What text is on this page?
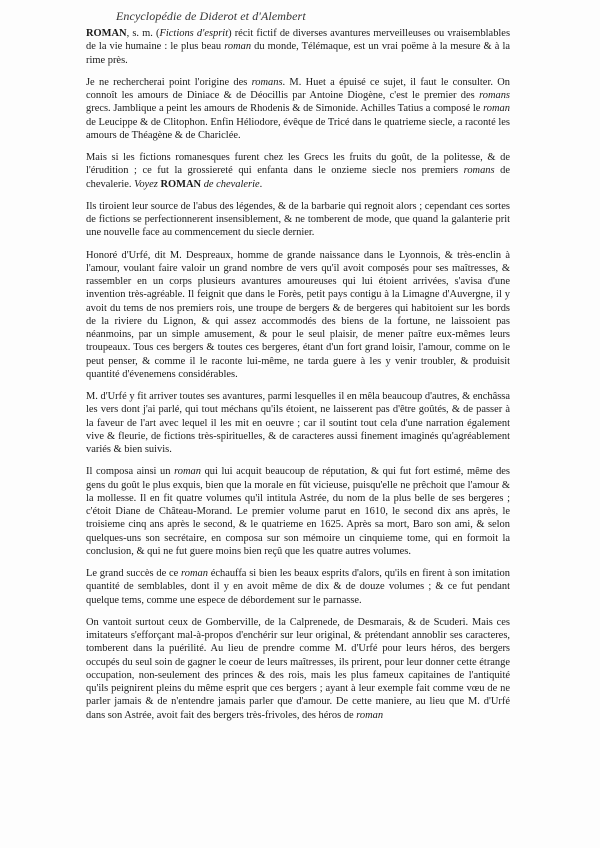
Encyclopédie de Diderot et d'Alembert

ROMAN, s. m. (Fictions d'esprit) récit fictif de diverses avantures merveilleuses ou vraisemblables de la vie humaine : le plus beau roman du monde, Télémaque, est un vrai poëme à la mesure & à la rime près.

Je ne rechercherai point l'origine des romans. M. Huet a épuisé ce sujet, il faut le consulter. On connoît les amours de Diniace & de Déocillis par Antoine Diogène, c'est le premier des romans grecs. Jamblique a peint les amours de Rhodenis & de Simonide. Achilles Tatius a composé le roman de Leucippe & de Clitophon. Enfin Héliodore, évêque de Tricé dans le quatrieme siecle, a raconté les amours de Théagène & de Chariclée.

Mais si les fictions romanesques furent chez les Grecs les fruits du goût, de la politesse, & de l'érudition ; ce fut la grossiereté qui enfanta dans le onzieme siecle nos premiers romans de chevalerie. Voyez ROMAN de chevalerie.

Ils tiroient leur source de l'abus des légendes, & de la barbarie qui regnoit alors ; cependant ces sortes de fictions se perfectionnerent insensiblement, & ne tomberent de mode, que quand la galanterie prit une nouvelle face au commencement du siecle dernier.

Honoré d'Urfé, dit M. Despreaux, homme de grande naissance dans le Lyonnois, & très-enclin à l'amour, voulant faire valoir un grand nombre de vers qu'il avoit composés pour ses maîtresses, & rassembler en un corps plusieurs avantures amoureuses qui lui étoient arrivées, s'avisa d'une invention très-agréable. Il feignit que dans le Forès, petit pays contigu à la Limagne d'Auvergne, il y avoit du tems de nos premiers rois, une troupe de bergers & de bergeres qui habitoient sur les bords de la riviere du Lignon, & qui assez accommodés des biens de la fortune, ne laissoient pas néanmoins, par un simple amusement, & pour le seul plaisir, de mener paître eux-mêmes leurs troupeaux. Tous ces bergers & toutes ces bergeres, étant d'un fort grand loisir, l'amour, comme on le peut penser, & comme il le raconte lui-même, ne tarda guere à les y venir troubler, & produisit quantité d'évenemens considérables.

M. d'Urfé y fit arriver toutes ses avantures, parmi lesquelles il en mêla beaucoup d'autres, & enchâssa les vers dont j'ai parlé, qui tout méchans qu'ils étoient, ne laisserent pas d'être goûtés, & de passer à la faveur de l'art avec lequel il les mit en oeuvre ; car il soutint tout cela d'une narration également vive & fleurie, de fictions très-spirituelles, & de caracteres aussi finement imaginés qu'agréablement variés & bien suivis.

Il composa ainsi un roman qui lui acquit beaucoup de réputation, & qui fut fort estimé, même des gens du goût le plus exquis, bien que la morale en fût vicieuse, puisqu'elle ne prêchoit que l'amour & la mollesse. Il en fit quatre volumes qu'il intitula Astrée, du nom de la plus belle de ses bergeres ; c'étoit Diane de Château-Morand. Le premier volume parut en 1610, le second dix ans après, le troisieme cinq ans après le second, & le quatrieme en 1625. Après sa mort, Baro son ami, & selon quelques-uns son secrétaire, en composa sur son mémoire un cinquieme tome, qui en formoit la conclusion, & qui ne fut guere moins bien reçû que les quatre autres volumes.

Le grand succès de ce roman échauffa si bien les beaux esprits d'alors, qu'ils en firent à son imitation quantité de semblables, dont il y en avoit même de dix & de douze volumes ; & ce fut pendant quelque tems, comme une espece de débordement sur le parnasse.

On vantoit surtout ceux de Gomberville, de la Calprenede, de Desmarais, & de Scuderi. Mais ces imitateurs s'efforçant mal-à-propos d'enchérir sur leur original, & prétendant annoblir ses caracteres, tomberent dans la puérilité. Au lieu de prendre comme M. d'Urfé pour leurs héros, des bergers occupés du seul soin de gagner le coeur de leurs maîtresses, ils prirent, pour leur donner cette étrange occupation, non-seulement des princes & des rois, mais les plus fameux capitaines de l'antiquité qu'ils peignirent pleins du même esprit que ces bergers ; ayant à leur exemple fait comme vœu de ne parler jamais & de n'entendre jamais parler que d'amour. De cette maniere, au lieu que M. d'Urfé dans son Astrée, avoit fait des bergers très-frivoles, des héros de roman
